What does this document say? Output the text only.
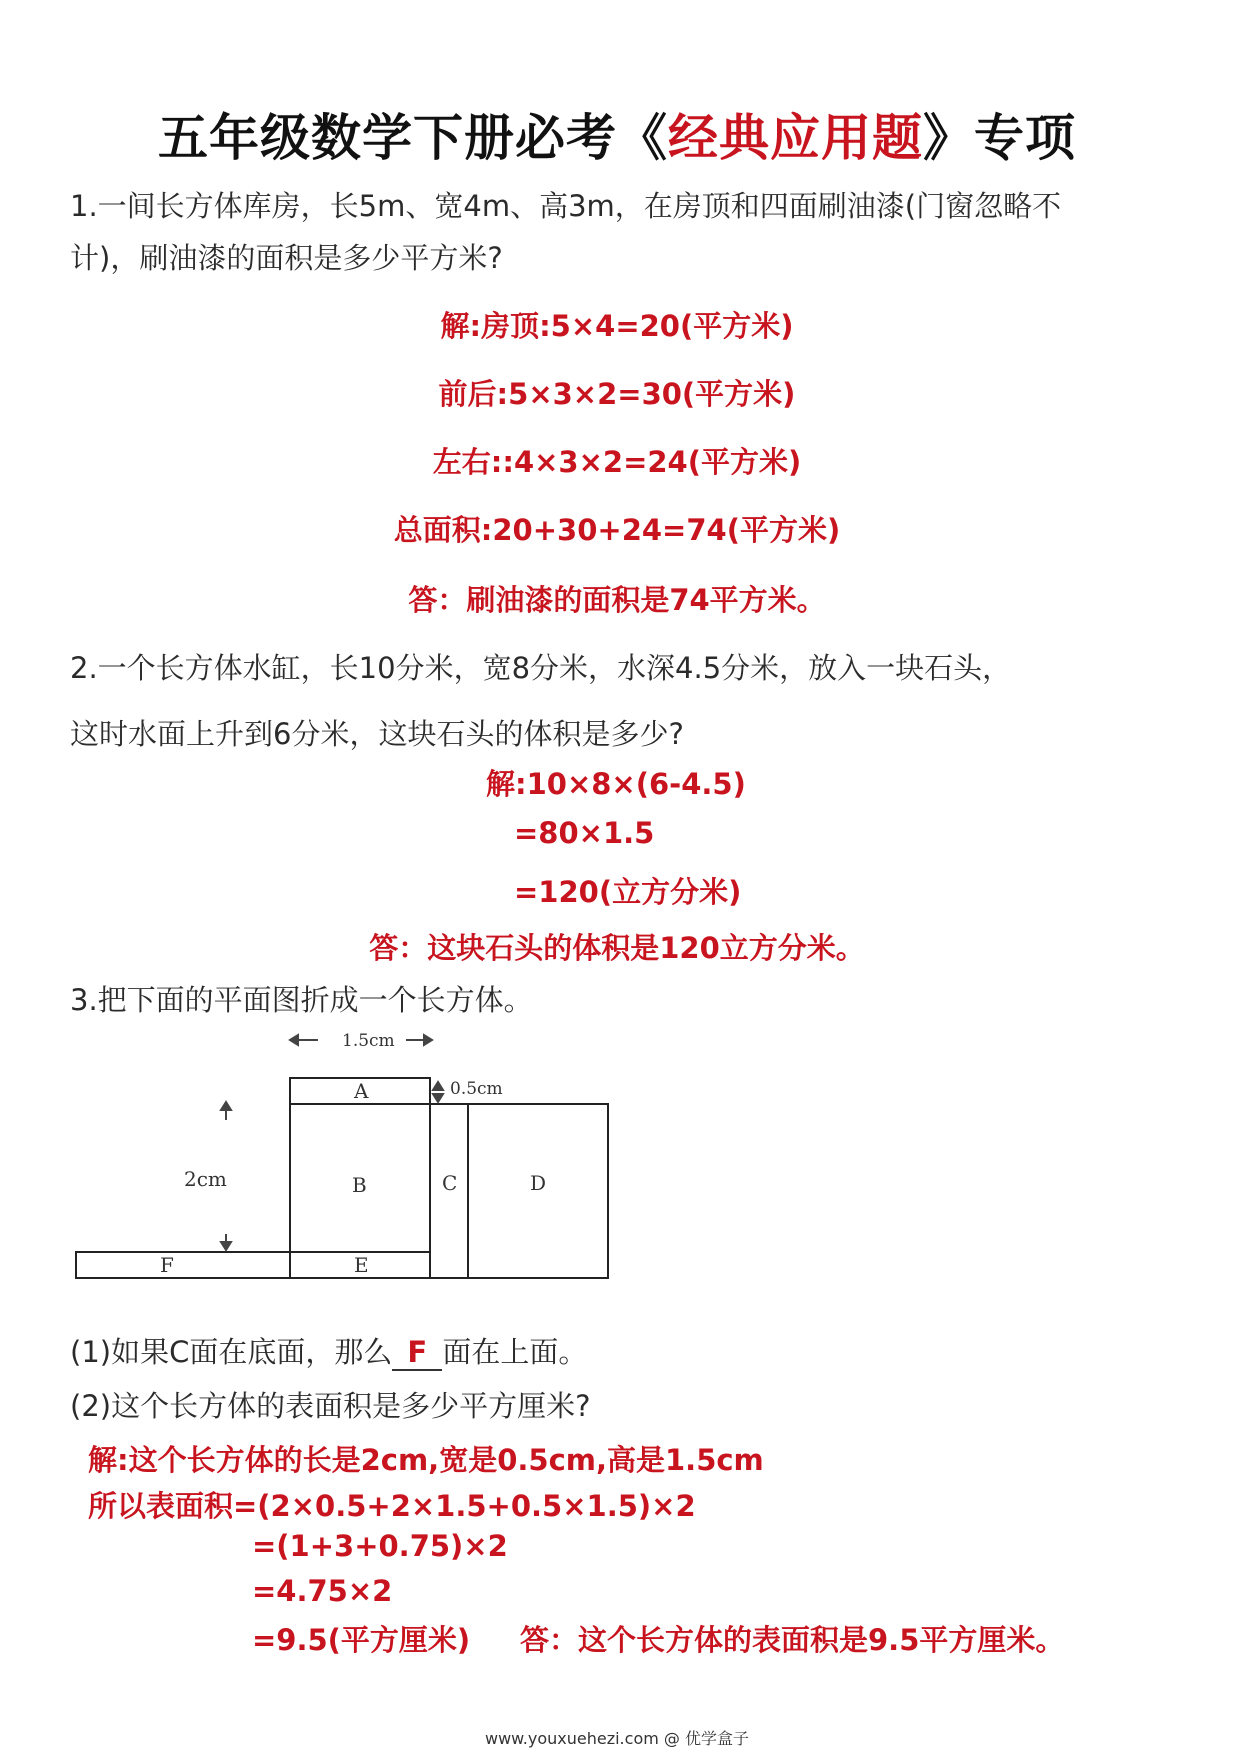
五年级数学下册必考《经典应用题》专项
1.一间长方体库房，长5m、宽4m、高3m，在房顶和四面刷油漆(门窗忽略不
计)，刷油漆的面积是多少平方米?
解:房顶:5×4=20(平方米)
前后:5×3×2=30(平方米)
左右::4×3×2=24(平方米)
总面积:20+30+24=74(平方米)
答：刷油漆的面积是74平方米。
2.一个长方体水缸，长10分米，宽8分米，水深4.5分米，放入一块石头，
这时水面上升到6分米，这块石头的体积是多少?
解:10×8×(6-4.5)
=80×1.5
=120(立方分米)
答：这块石头的体积是120立方分米。
3.把下面的平面图折成一个长方体。
1.5cm
0.5cm
2cm
A
B	C	D
E
F
(1)如果C面在底面，那么 F 面在上面。
(2)这个长方体的表面积是多少平方厘米?
解:这个长方体的长是2cm,宽是0.5cm,高是1.5cm
所以表面积=(2×0.5+2×1.5+0.5×1.5)×2
=(1+3+0.75)×2
=4.75×2
=9.5(平方厘米) 答：这个长方体的表面积是9.5平方厘米。
www.youxuehezi.com @ 优学盒子
